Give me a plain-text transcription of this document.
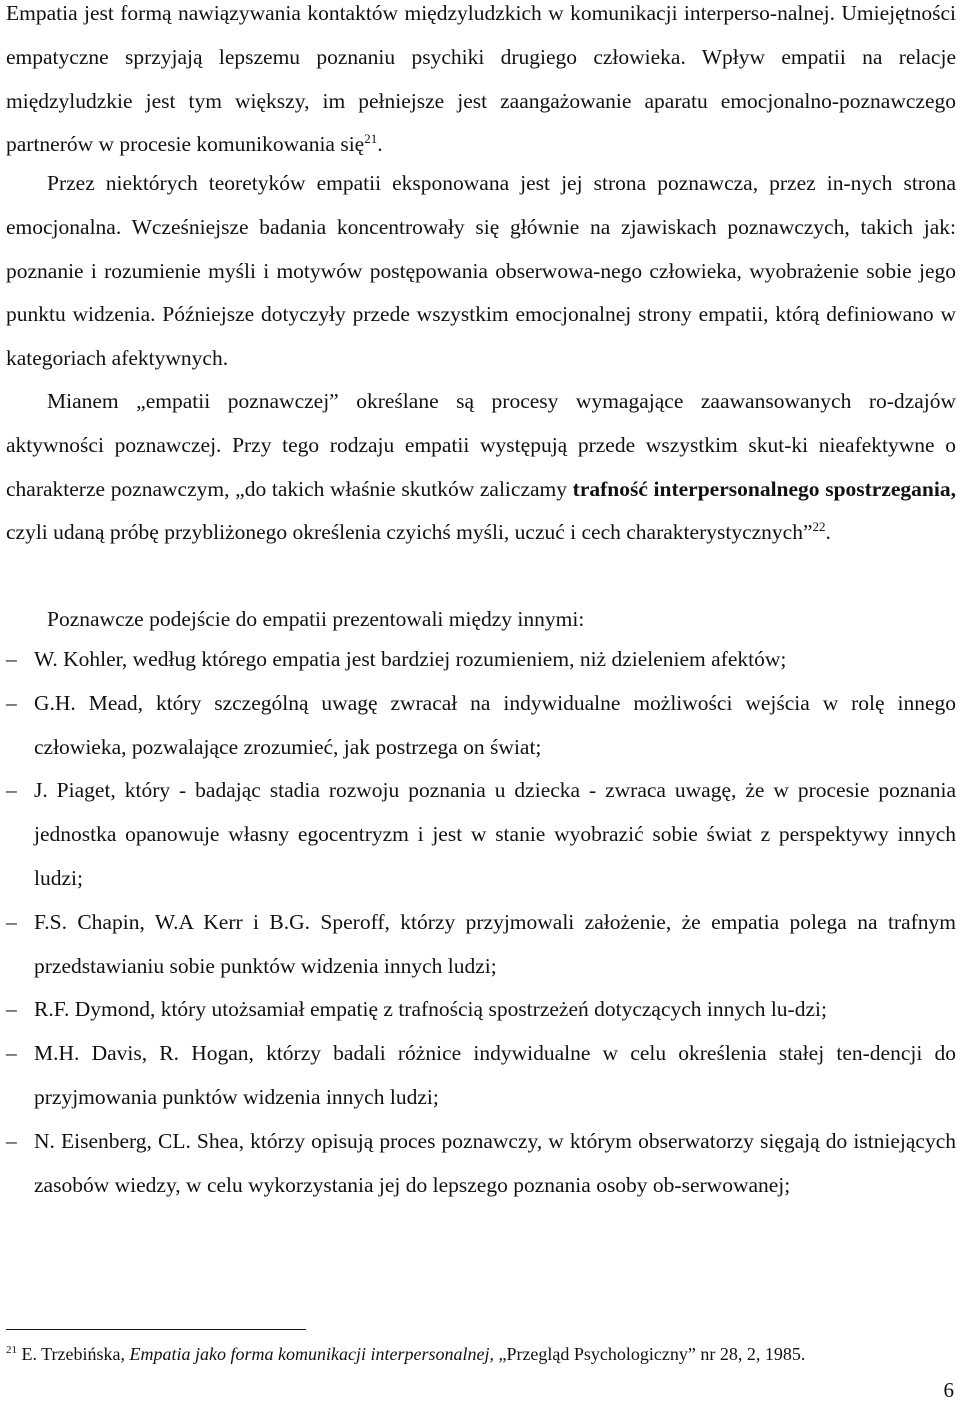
Empatia jest formą nawiązywania kontaktów międzyludzkich w komunikacji interperso-nalnej. Umiejętności empatyczne sprzyjają lepszemu poznaniu psychiki drugiego człowieka. Wpływ empatii na relacje międzyludzkie jest tym większy, im pełniejsze jest zaangażowanie aparatu emocjonalno-poznawczego partnerów w procesie komunikowania się$^{21}$.

Przez niektórych teoretyków empatii eksponowana jest jej strona poznawcza, przez in-nych strona emocjonalna. Wcześniejsze badania koncentrowały się głównie na zjawiskach poznawczych, takich jak: poznanie i rozumienie myśli i motywów postępowania obserwowa-nego człowieka, wyobrażenie sobie jego punktu widzenia. Późniejsze dotyczyły przede wszystkim emocjonalnej strony empatii, którą definiowano w kategoriach afektywnych.

Mianem „empatii poznawczej” określane są procesy wymagające zaawansowanych ro-dzajów aktywności poznawczej. Przy tego rodzaju empatii występują przede wszystkim skut-ki nieafektywne o charakterze poznawczym, „do takich właśnie skutków zaliczamy trafność interpersonalnego spostrzegania, czyli udaną próbę przybliżonego określenia czyichś myśli, uczuć i cech charakterystycznych”$^{22}$.

Poznawcze podejście do empatii prezentowali między innymi:

– W. Kohler, według którego empatia jest bardziej rozumieniem, niż dzieleniem afektów;
– G.H. Mead, który szczególną uwagę zwracał na indywidualne możliwości wejścia w rolę innego człowieka, pozwalające zrozumieć, jak postrzega on świat;
– J. Piaget, który - badając stadia rozwoju poznania u dziecka - zwraca uwagę, że w procesie poznania jednostka opanowuje własny egocentryzm i jest w stanie wyobrazić sobie świat z perspektywy innych ludzi;
– F.S. Chapin, W.A Kerr i B.G. Speroff, którzy przyjmowali założenie, że empatia polega na trafnym przedstawianiu sobie punktów widzenia innych ludzi;
– R.F. Dymond, który utożsamiał empatię z trafnością spostrzeżeń dotyczących innych lu-dzi;
– M.H. Davis, R. Hogan, którzy badali różnice indywidualne w celu określenia stałej ten-dencji do przyjmowania punktów widzenia innych ludzi;
– N. Eisenberg, CL. Shea, którzy opisują proces poznawczy, w którym obserwatorzy sięgają do istniejących zasobów wiedzy, w celu wykorzystania jej do lepszego poznania osoby ob-serwowanej;

$^{21}$ E. Trzebińska, Empatia jako forma komunikacji interpersonalnej, „Przegląd Psychologiczny” nr 28, 2, 1985.

6
